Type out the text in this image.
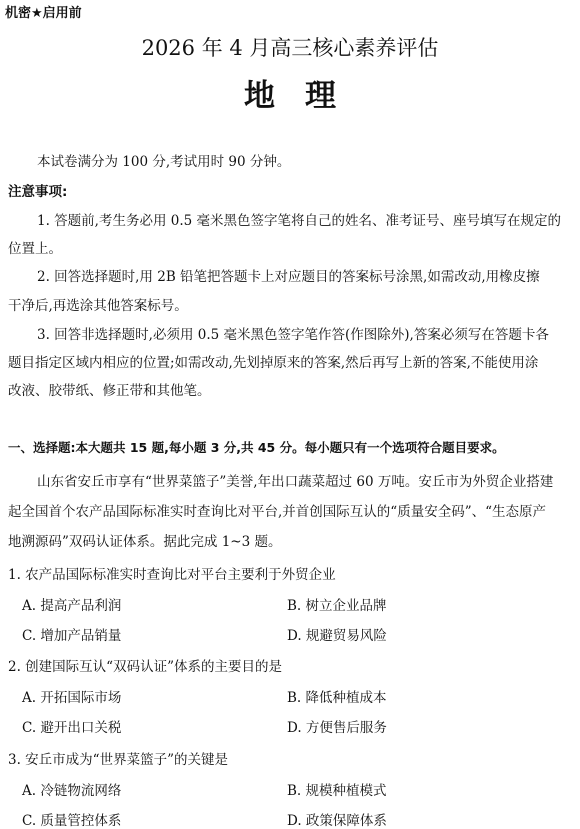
机密★启用前
2026 年 4 月高三核心素养评估
地理
本试卷满分为 100 分,考试用时 90 分钟。
注意事项:
1. 答题前,考生务必用 0.5 毫米黑色签字笔将自己的姓名、准考证号、座号填写在规定的
位置上。
2. 回答选择题时,用 2B 铅笔把答题卡上对应题目的答案标号涂黑,如需改动,用橡皮擦
干净后,再选涂其他答案标号。
3. 回答非选择题时,必须用 0.5 毫米黑色签字笔作答(作图除外),答案必须写在答题卡各
题目指定区域内相应的位置;如需改动,先划掉原来的答案,然后再写上新的答案,不能使用涂
改液、胶带纸、修正带和其他笔。
一、选择题:本大题共 15 题,每小题 3 分,共 45 分。每小题只有一个选项符合题目要求。
山东省安丘市享有“世界菜篮子”美誉,年出口蔬菜超过 60 万吨。安丘市为外贸企业搭建
起全国首个农产品国际标准实时查询比对平台,并首创国际互认的“质量安全码”、“生态原产
地溯源码”双码认证体系。据此完成 1~3 题。
1. 农产品国际标准实时查询比对平台主要利于外贸企业
A. 提高产品利润	B. 树立企业品牌
C. 增加产品销量	D. 规避贸易风险
2. 创建国际互认“双码认证”体系的主要目的是
A. 开拓国际市场	B. 降低种植成本
C. 避开出口关税	D. 方便售后服务
3. 安丘市成为“世界菜篮子”的关键是
A. 冷链物流网络	B. 规模种植模式
C. 质量管控体系	D. 政策保障体系
